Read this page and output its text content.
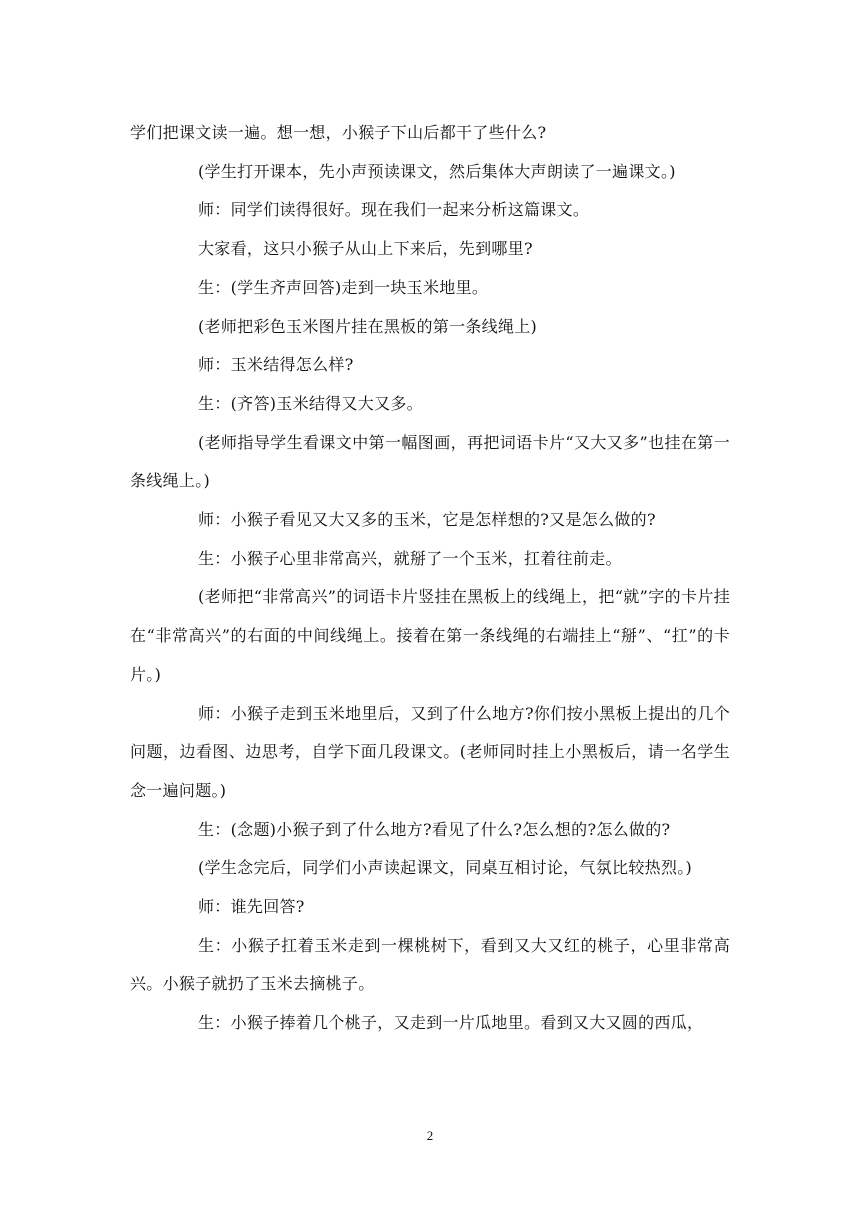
学们把课文读一遍。想一想，小猴子下山后都干了些什么?

(学生打开课本，先小声预读课文，然后集体大声朗读了一遍课文。)

师：同学们读得很好。现在我们一起来分析这篇课文。

大家看，这只小猴子从山上下来后，先到哪里?

生：(学生齐声回答)走到一块玉米地里。

(老师把彩色玉米图片挂在黑板的第一条线绳上)

师：玉米结得怎么样?

生：(齐答)玉米结得又大又多。

(老师指导学生看课文中第一幅图画，再把词语卡片“又大又多”也挂在第一条线绳上。)

师：小猴子看见又大又多的玉米，它是怎样想的?又是怎么做的?

生：小猴子心里非常高兴，就掰了一个玉米，扛着往前走。

(老师把“非常高兴”的词语卡片竖挂在黑板上的线绳上，把“就”字的卡片挂在“非常高兴”的右面的中间线绳上。接着在第一条线绳的右端挂上“掰”、“扛”的卡片。)

师：小猴子走到玉米地里后，又到了什么地方?你们按小黑板上提出的几个问题，边看图、边思考，自学下面几段课文。(老师同时挂上小黑板后，请一名学生念一遍问题。)

生：(念题)小猴子到了什么地方?看见了什么?怎么想的?怎么做的?

(学生念完后，同学们小声读起课文，同桌互相讨论，气氛比较热烈。)

师：谁先回答?

生：小猴子扛着玉米走到一棵桃树下，看到又大又红的桃子，心里非常高兴。小猴子就扔了玉米去摘桃子。

生：小猴子捧着几个桃子，又走到一片瓜地里。看到又大又圆的西瓜，

2
